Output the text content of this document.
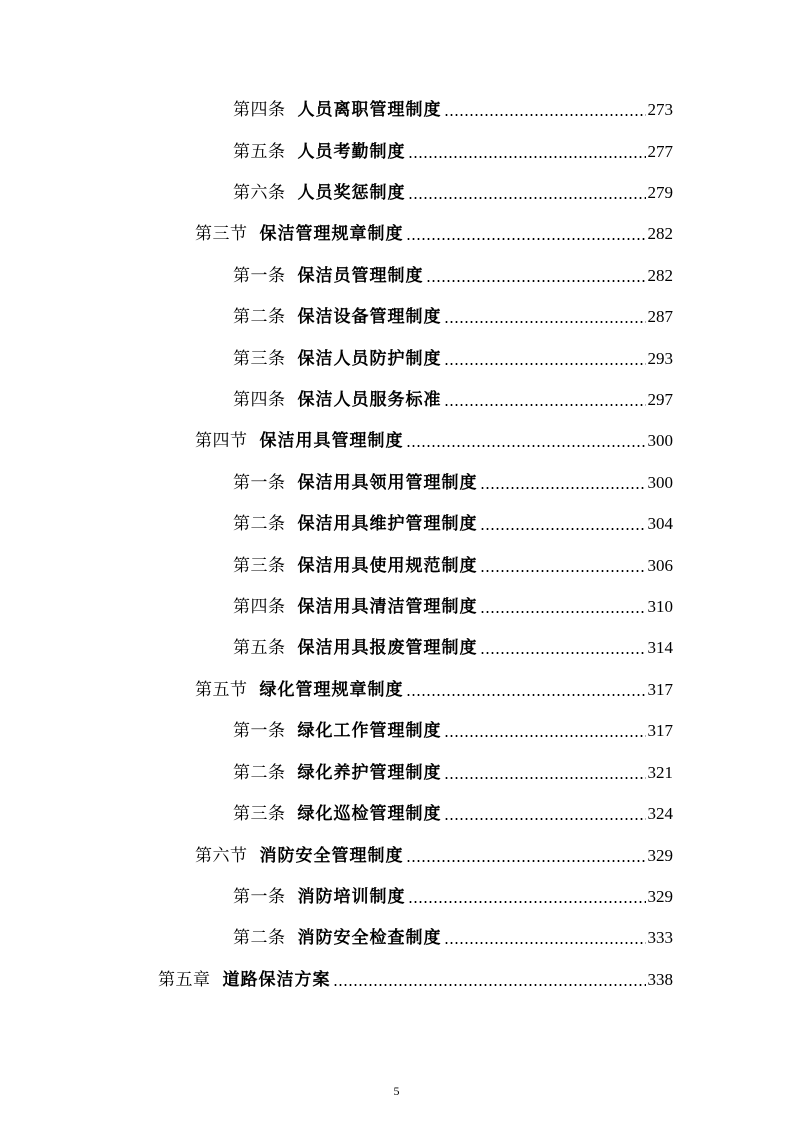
第四条 人员离职管理制度	273
第五条 人员考勤制度	277
第六条 人员奖惩制度	279
第三节 保洁管理规章制度	282
第一条 保洁员管理制度	282
第二条 保洁设备管理制度	287
第三条 保洁人员防护制度	293
第四条 保洁人员服务标准	297
第四节 保洁用具管理制度	300
第一条 保洁用具领用管理制度	300
第二条 保洁用具维护管理制度	304
第三条 保洁用具使用规范制度	306
第四条 保洁用具清洁管理制度	310
第五条 保洁用具报废管理制度	314
第五节 绿化管理规章制度	317
第一条 绿化工作管理制度	317
第二条 绿化养护管理制度	321
第三条 绿化巡检管理制度	324
第六节 消防安全管理制度	329
第一条 消防培训制度	329
第二条 消防安全检查制度	333
第五章 道路保洁方案	338
5
